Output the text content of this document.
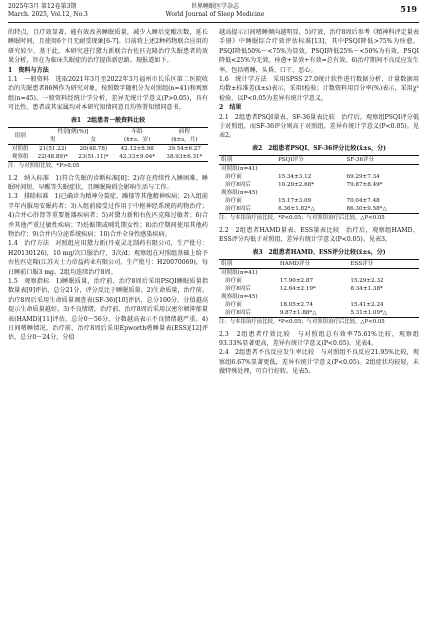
2025年3月 第12卷第3期
March. 2025, Vol.12, No.3
世界睡眠医学杂志
World Journal of Sleep Medicine
519

的特点，且疗效显著，能有效改善睡眠质量，减少入睡后觉醒次数，延长睡眠时间，且使用6个月无耐受现象[6-7]。目前将上述2种药物联合应用的研究较少，基于此，本研究进行黛力新联合右佐匹克隆治疗失眠患者的效果分析，旨在为临床失眠症的治疗提供新思路。现报道如下。

1　资料与方法

1.1　一般资料　选取2021年3月至2022年3月福州市长乐区第二医院收治的失眠患者86例作为研究对象，按照数字随机分为对照组(n=41)和观察组(n=45)。一般资料经统计学分析，差异无统计学意义(P>0.05)，具有可比性。患者或其家属均对本研究知情同意且均签署知情同意书。

表1　2组患者一般资料比较
组别	性别[例(%)]		年龄	病程
	男	女	(x̄±s，岁)	(x̄±s，月)
对照组	21(51.22)	20(48.78)	42.12±8.98	39.54±6.27
观察组	22(48.89)*	23(51.11)*	42.33±9.04*	38.93±6.31*
注：与对照组比较，*P>0.05

1.2　纳入标准　1)符合失眠的诊断标准[8]；2)存在持续性入睡困难、睡眠时间短、早醒等失眠症状，且睡眠障碍会影响生活与工作。

1.3　排除标准　1)已确诊为精神分裂症、躁郁等其他精神疾病；2)入组前半年内服用安眠药者；3)入组前接受过作用于中枢神经系统的药物治疗；4)合并心肝肾等重要脏器疾病者；5)对黛力新和右佐匹克隆过敏者；6)合并其他严重过敏性疾病；7)妊娠期或哺乳期女性；8)治疗期间使用其他药物治疗；9)合并内分泌系统疾病；10)合并全身性感染疾病。

1.4　治疗方法　对照组应用黛力新(丹麦灵北制药有限公司，生产批号：H20130126)，10 mg/次口服治疗，3次/d；观察组在对照组基础上给予右佐匹克隆(江苏天士力帝益药业有限公司，生产批号：H20070069)，每日睡前口服3 mg。2组均连续治疗8周。

1.5　观察指标　1)睡眠质量，治疗前、治疗8周后采用PSQI睡眠质量指数量表[9]评估，总分21分，评分反比于睡眠质量。2)生命质量，治疗前、治疗8周后采用生命质量调查表(SF-36)[10]评估，总分100分，分值越高提示生命质量越好。3)不良情绪，治疗前、治疗8周后采用汉密尔顿抑郁量表(HAMD)[11]评估，总分0～56分，分数越高表示不良情绪越严重。4)日间嗜睡情况，治疗前、治疗8周后采用Epworth嗜睡量表(ESS)[12]评估，总分0～24分，分值

越高提示日间嗜睡倾向越明显。5)疗效，治疗8周后参考《精神科评定量表手册》中睡眠综合疗效评估标准[13]，其中PSQI降低>75%为痊愈，PSQI降低50%～<75%为显效，PSQI降低25%～<50%为有效，PSQI降低<25%为无效。痊愈+显效+有效=总有效。6)治疗期间不良反应发生率，包括嗜睡、头昏、口干、恶心。

1.6　统计学方法　采用SPSS 27.0统计软件进行数据分析，计量数据用均数±标准差(x̄±s)表示，采用t检验；计数资料用百分率(%)表示，采用χ²检验，以P<0.05为差异有统计学意义。

2　结果

2.1　2组患者PSQI量表、SF-36量表比较　治疗后，观察组PSQI评分低于对照组，而SF-36评分则高于对照组，差异有统计学意义(P<0.05)。见表2。

表2　2组患者PSQI、SF-36评分比较(x̄±s，分)
组别	PSQI评分	SF-36评分
对照组(n=41)		
治疗前	15.34±3.12	69.29±7.34
治疗8周后	10.29±2.68*	79.87±8.49*
观察组(n=45)		
治疗前	15.17±3.09	70.04±7.48
治疗8周后	6.36±1.82*△	86.30±9.58*△
注：与本组治疗前比较，*P<0.05；与对照组治疗后比较，△P<0.05

2.2　2组患者HAMD量表、ESS量表比较　治疗后，观察组HAMD、ESS评分均低于对照组，差异有统计学意义(P<0.05)。见表3。

表3　2组患者HAMD、ESS评分比较(x̄±s，分)
组别	HAMD评分	ESS评分
对照组(n=41)		
治疗前	17.90±2.87	15.29±2.32
治疗8周后	12.64±2.19*	8.34±1.38*
观察组(n=45)		
治疗前	18.05±2.74	15.41±2.24
治疗8周后	9.87±1.88*△	5.31±1.09*△
注：与本组治疗前比较，*P<0.05；与对照组治疗后比较，△P<0.05

2.3　2组患者疗效比较　与对照组总有效率75.61%比较，观察组93.33%显著更高，差异有统计学意义(P<0.05)。见表4。

2.4　2组患者不良反应发生率比较　与对照组不良反应21.95%比较，观察组6.67%显著更低，差异有统计学意义(P<0.05)。2组症状均较轻，未做特殊处理，可自行好转。见表5。
